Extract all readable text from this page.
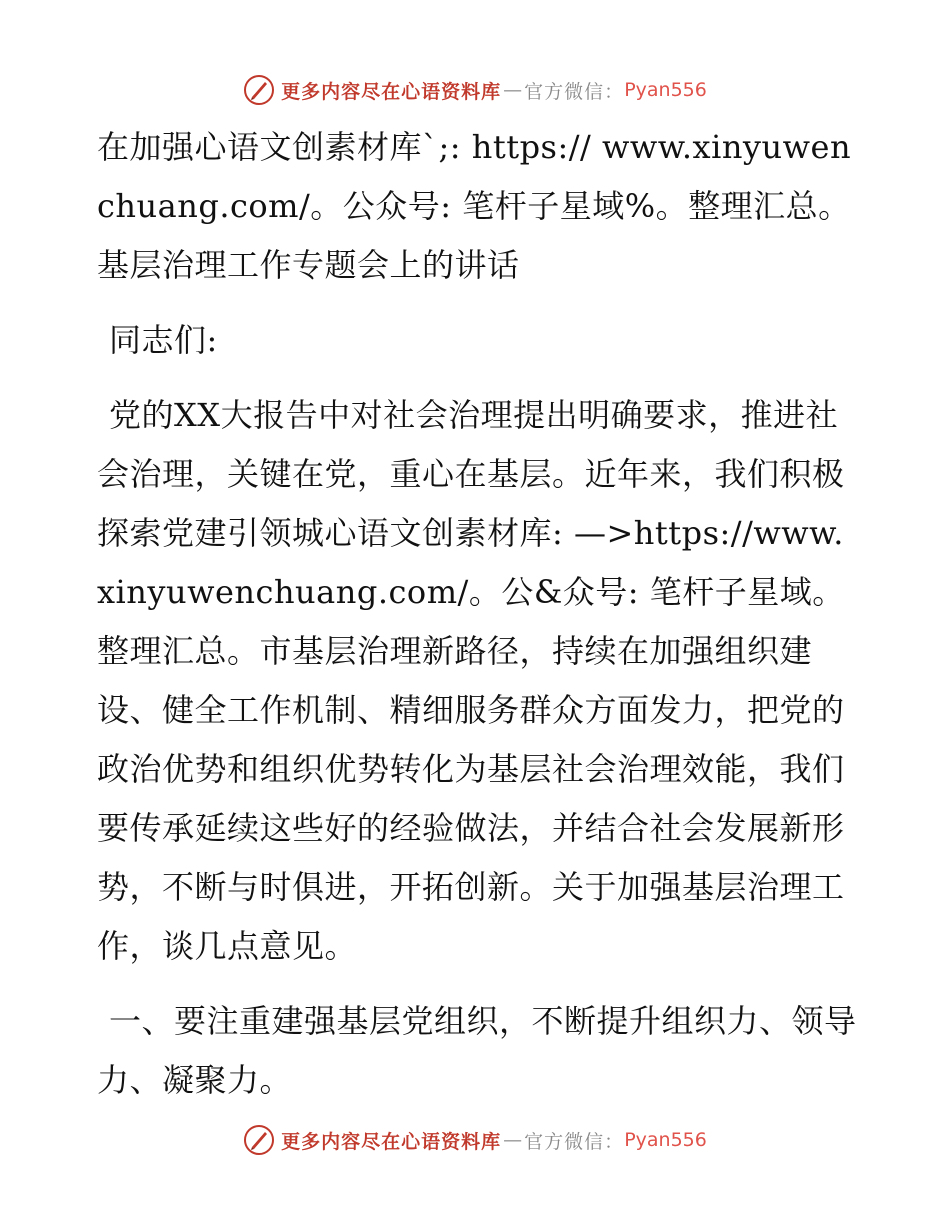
更多内容尽在心语资料库 — 官方微信： Pyan556

在加强心语文创素材库`;: https:// www.xinyuwenchuang.com/。公众号: 笔杆子星域%。整理汇总。基层治理工作专题会上的讲话

同志们:

党的XX大报告中对社会治理提出明确要求，推进社会治理，关键在党，重心在基层。近年来，我们积极探索党建引领城心语文创素材库: —>https://www.xinyuwenchuang.com/。公&众号: 笔杆子星域。整理汇总。市基层治理新路径，持续在加强组织建设、健全工作机制、精细服务群众方面发力，把党的政治优势和组织优势转化为基层社会治理效能，我们要传承延续这些好的经验做法，并结合社会发展新形势，不断与时俱进，开拓创新。关于加强基层治理工作，谈几点意见。

一、要注重建强基层党组织，不断提升组织力、领导力、凝聚力。

更多内容尽在心语资料库 — 官方微信： Pyan556
